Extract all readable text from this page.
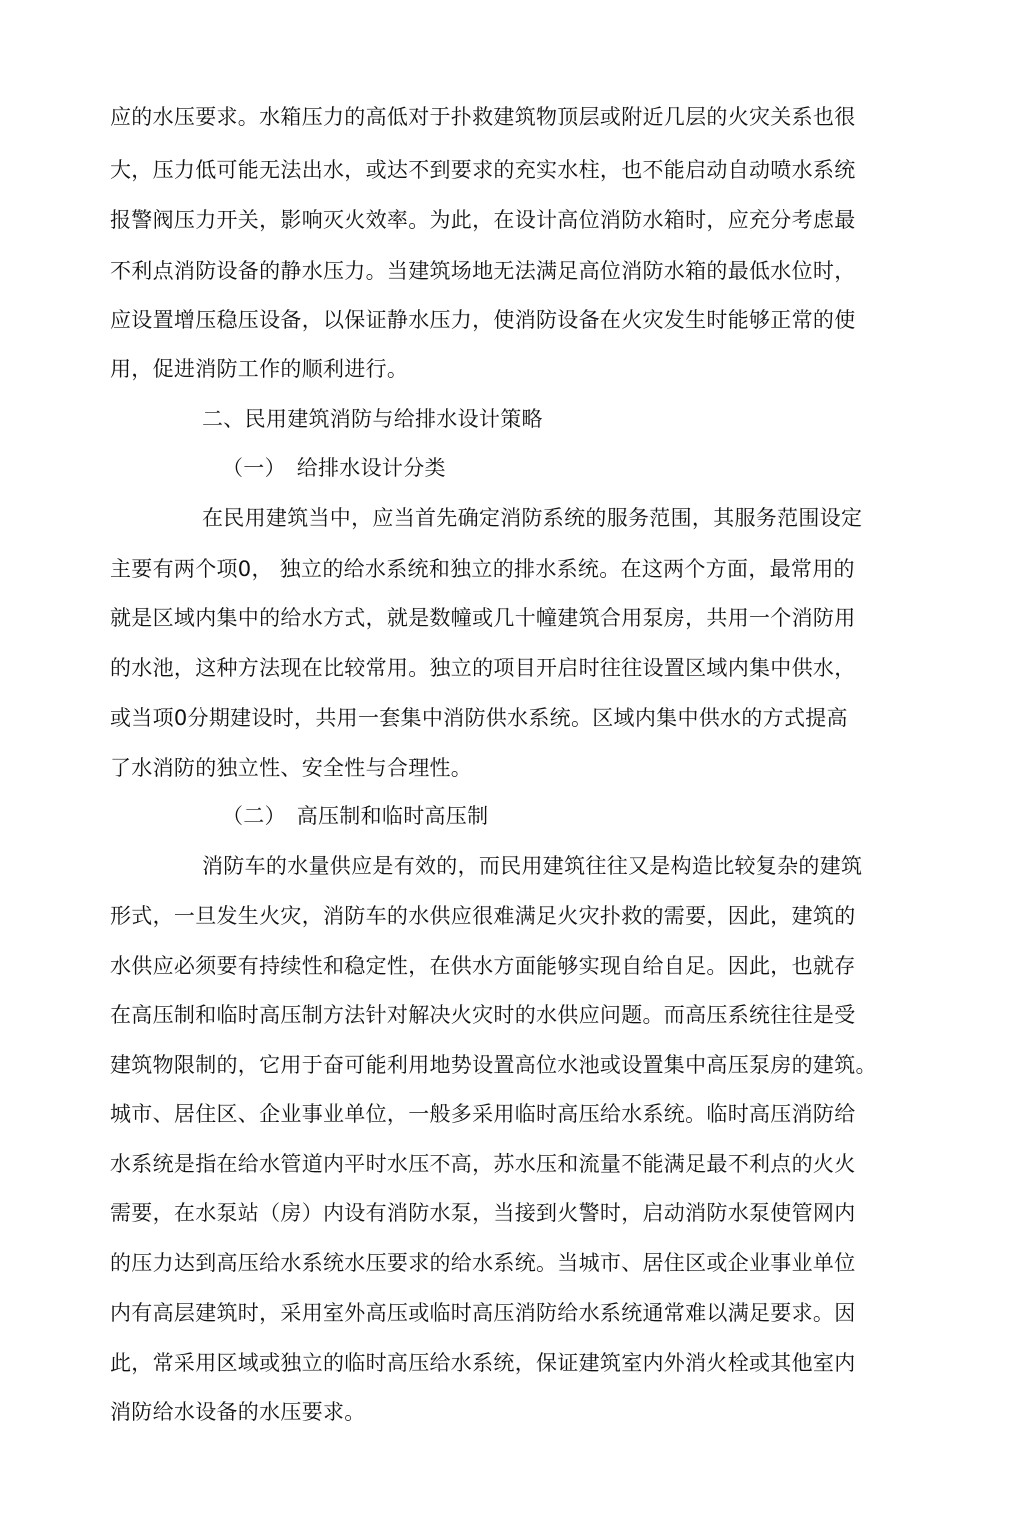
应的水压要求。水箱压力的高低对于扑救建筑物顶层或附近几层的火灾关系也很
大，压力低可能无法出水，或达不到要求的充实水柱，也不能启动自动喷水系统
报警阀压力开关，影响灭火效率。为此，在设计高位消防水箱时，应充分考虑最
不利点消防设备的静水压力。当建筑场地无法满足高位消防水箱的最低水位时，
应设置增压稳压设备，以保证静水压力，使消防设备在火灾发生时能够正常的使
用，促进消防工作的顺利进行。
二、民用建筑消防与给排水设计策略
（一）　给排水设计分类
在民用建筑当中，应当首先确定消防系统的服务范围，其服务范围设定
主要有两个项0， 独立的给水系统和独立的排水系统。在这两个方面，最常用的
就是区域内集中的给水方式，就是数幢或几十幢建筑合用泵房，共用一个消防用
的水池，这种方法现在比较常用。独立的项目开启时往往设置区域内集中供水，
或当项0分期建设时，共用一套集中消防供水系统。区域内集中供水的方式提高
了水消防的独立性、安全性与合理性。
（二）　高压制和临时高压制
消防车的水量供应是有效的，而民用建筑往往又是构造比较复杂的建筑
形式，一旦发生火灾，消防车的水供应很难满足火灾扑救的需要，因此，建筑的
水供应必须要有持续性和稳定性，在供水方面能够实现自给自足。因此，也就存
在高压制和临时高压制方法针对解决火灾时的水供应问题。而高压系统往往是受
建筑物限制的，它用于奋可能利用地势设置高位水池或设置集中高压泵房的建筑。
城市、居住区、企业事业单位，一般多采用临时高压给水系统。临时高压消防给
水系统是指在给水管道内平时水压不高，苏水压和流量不能满足最不利点的火火
需要，在水泵站（房）内设有消防水泵，当接到火警时，启动消防水泵使管网内
的压力达到高压给水系统水压要求的给水系统。当城市、居住区或企业事业单位
内有高层建筑时，采用室外高压或临时高压消防给水系统通常难以满足要求。因
此，常采用区域或独立的临时高压给水系统，保证建筑室内外消火栓或其他室内
消防给水设备的水压要求。
